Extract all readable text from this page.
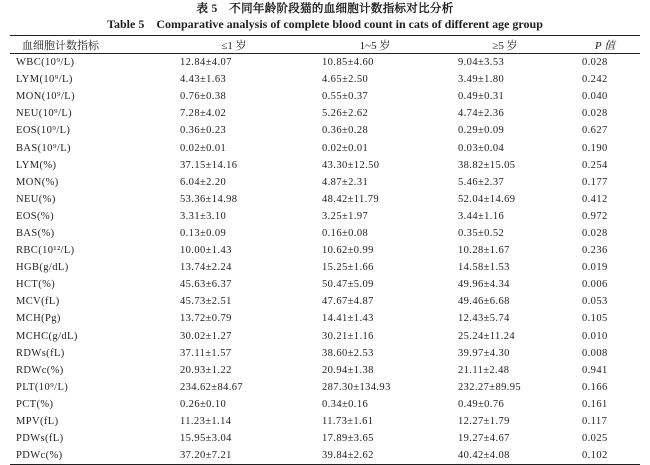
表 5　不同年龄阶段猫的血细胞计数指标对比分析
Table 5　Comparative analysis of complete blood count in cats of different age group
血细胞计数指标	≤1 岁	1~5 岁	≥5 岁	P 值
WBC(10⁹/L)	12.84±4.07	10.85±4.60	9.04±3.53	0.028
LYM(10⁹/L)	4.43±1.63	4.65±2.50	3.49±1.80	0.242
MON(10⁹/L)	0.76±0.38	0.55±0.37	0.49±0.31	0.040
NEU(10⁹/L)	7.28±4.02	5.26±2.62	4.74±2.36	0.028
EOS(10⁹/L)	0.36±0.23	0.36±0.28	0.29±0.09	0.627
BAS(10⁹/L)	0.02±0.01	0.02±0.01	0.03±0.04	0.190
LYM(%)	37.15±14.16	43.30±12.50	38.82±15.05	0.254
MON(%)	6.04±2.20	4.87±2.31	5.46±2.37	0.177
NEU(%)	53.36±14.98	48.42±11.79	52.04±14.69	0.412
EOS(%)	3.31±3.10	3.25±1.97	3.44±1.16	0.972
BAS(%)	0.13±0.09	0.16±0.08	0.35±0.52	0.028
RBC(10¹²/L)	10.00±1.43	10.62±0.99	10.28±1.67	0.236
HGB(g/dL)	13.74±2.24	15.25±1.66	14.58±1.53	0.019
HCT(%)	45.63±6.37	50.47±5.09	49.96±4.34	0.006
MCV(fL)	45.73±2.51	47.67±4.87	49.46±6.68	0.053
MCH(Pg)	13.72±0.79	14.41±1.43	12.43±5.74	0.105
MCHC(g/dL)	30.02±1.27	30.21±1.16	25.24±11.24	0.010
RDWs(fL)	37.11±1.57	38.60±2.53	39.97±4.30	0.008
RDWc(%)	20.93±1.22	20.94±1.38	21.11±2.48	0.941
PLT(10⁹/L)	234.62±84.67	287.30±134.93	232.27±89.95	0.166
PCT(%)	0.26±0.10	0.34±0.16	0.49±0.76	0.161
MPV(fL)	11.23±1.14	11.73±1.61	12.27±1.79	0.117
PDWs(fL)	15.95±3.04	17.89±3.65	19.27±4.67	0.025
PDWc(%)	37.20±7.21	39.84±2.62	40.42±4.08	0.102
